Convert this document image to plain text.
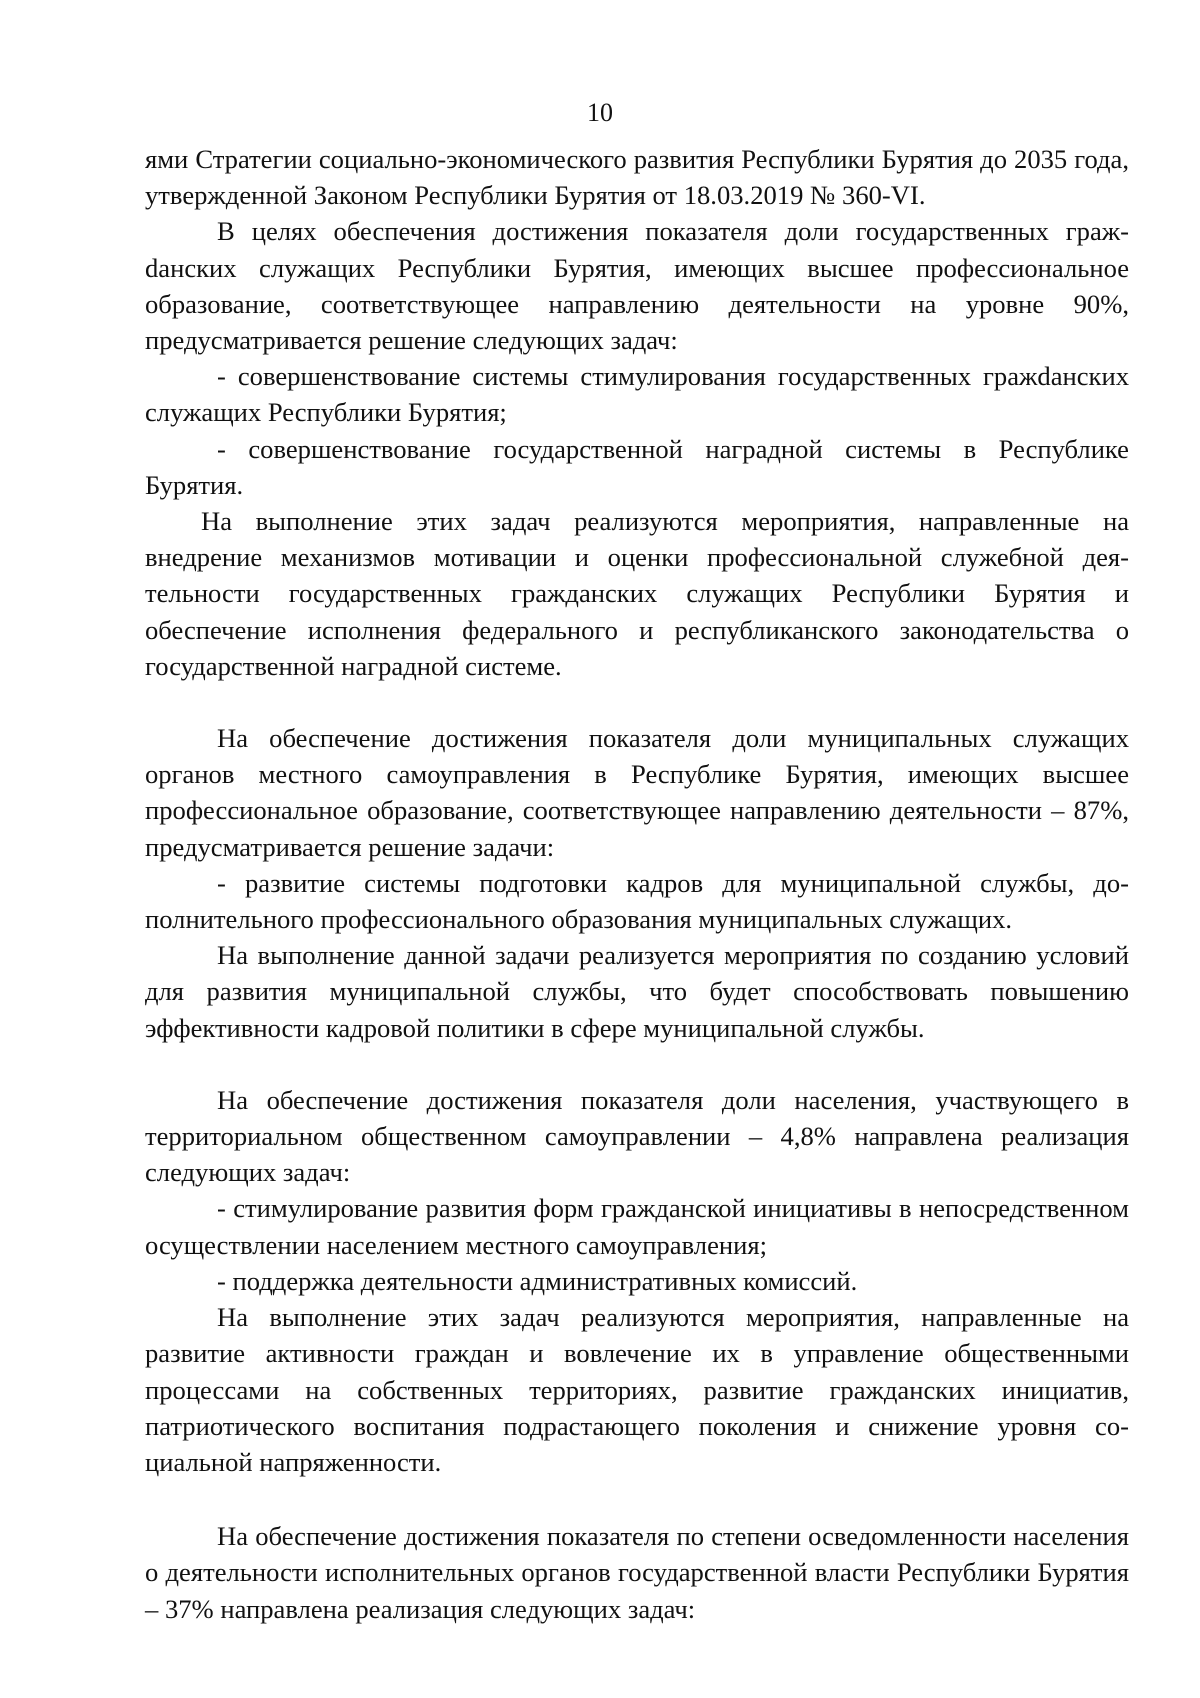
10

ями Стратегии социально-экономического развития Республики Бурятия до 2035 года, утвержденной Законом Республики Бурятия от 18.03.2019 № 360-VI.

В целях обеспечения достижения показателя доли государственных гражdанских служащих Республики Бурятия, имеющих высшее профессиональное образование, соответствующее направлению деятельности на уровне 90%, предусматривается решение следующих задач:

- совершенствование системы стимулирования государственных гражdанских служащих Республики Бурятия;

- совершенствование государственной наградной системы в Республике Бурятия.

На выполнение этих задач реализуются мероприятия, направленные на внедрение механизмов мотивации и оценки профессиональной служебной деятельности государственных гражданских служащих Республики Бурятия и обеспечение исполнения федерального и республиканского законодательства о государственной наградной системе.

На обеспечение достижения показателя доли муниципальных служащих органов местного самоуправления в Республике Бурятия, имеющих высшее профессиональное образование, соответствующее направлению деятельности – 87%, предусматривается решение задачи:

- развитие системы подготовки кадров для муниципальной службы, дополнительного профессионального образования муниципальных служащих.

На выполнение данной задачи реализуется мероприятия по созданию условий для развития муниципальной службы, что будет способствовать повышению эффективности кадровой политики в сфере муниципальной службы.

На обеспечение достижения показателя доли населения, участвующего в территориальном общественном самоуправлении – 4,8% направлена реализация следующих задач:

- стимулирование развития форм гражданской инициативы в непосредственном осуществлении населением местного самоуправления;

- поддержка деятельности административных комиссий.

На выполнение этих задач реализуются мероприятия, направленные на развитие активности граждан и вовлечение их в управление общественными процессами на собственных территориях, развитие гражданских инициатив, патриотического воспитания подрастающего поколения и снижение уровня социальной напряженности.

На обеспечение достижения показателя по степени осведомленности населения о деятельности исполнительных органов государственной власти Республики Бурятия – 37% направлена реализация следующих задач:
